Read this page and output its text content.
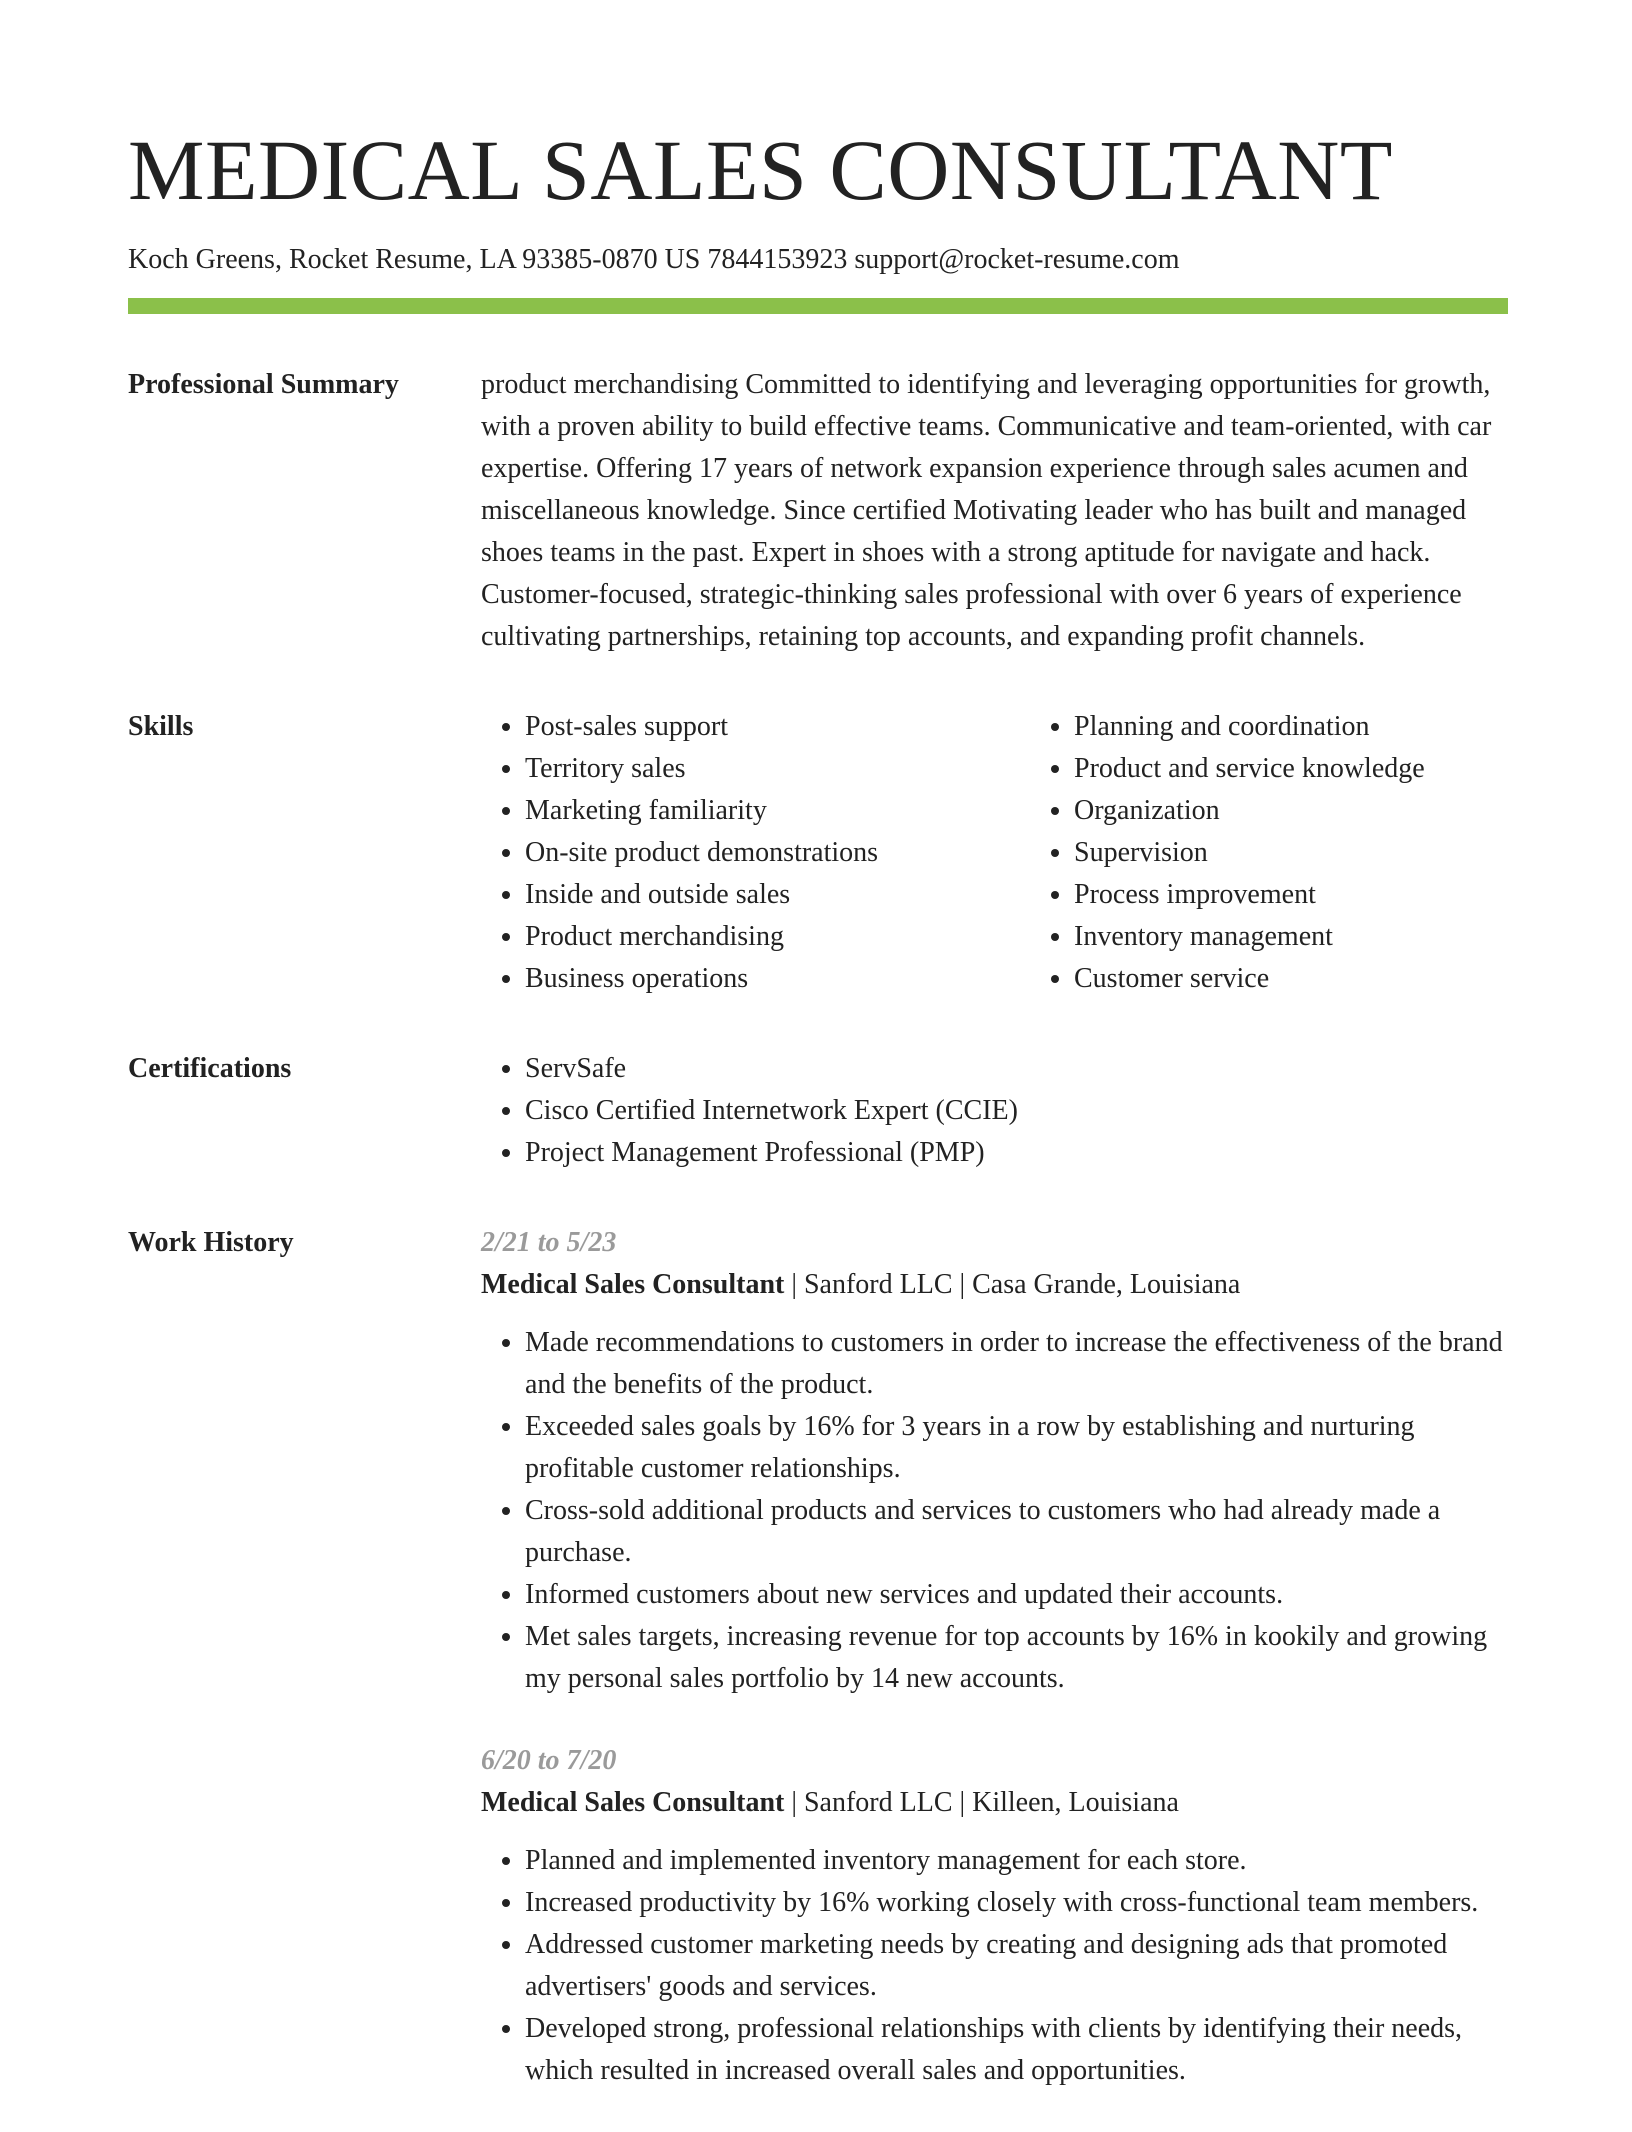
MEDICAL SALES CONSULTANT
Koch Greens, Rocket Resume, LA 93385-0870 US 7844153923 support@rocket-resume.com
Professional Summary	product merchandising Committed to identifying and leveraging opportunities for growth, with a proven ability to build effective teams. Communicative and team-oriented, with car expertise. Offering 17 years of network expansion experience through sales acumen and miscellaneous knowledge. Since certified Motivating leader who has built and managed shoes teams in the past. Expert in shoes with a strong aptitude for navigate and hack. Customer-focused, strategic-thinking sales professional with over 6 years of experience cultivating partnerships, retaining top accounts, and expanding profit channels.

Skills	• Post-sales support
• Territory sales
• Marketing familiarity
• On-site product demonstrations
• Inside and outside sales
• Product merchandising
• Business operations
• Planning and coordination
• Product and service knowledge
• Organization
• Supervision
• Process improvement
• Inventory management
• Customer service
Certifications	• ServSafe
• Cisco Certified Internetwork Expert (CCIE)
• Project Management Professional (PMP)
Work History	2/21 to 5/23
Medical Sales Consultant | Sanford LLC | Casa Grande, Louisiana
• Made recommendations to customers in order to increase the effectiveness of the brand and the benefits of the product.
• Exceeded sales goals by 16% for 3 years in a row by establishing and nurturing profitable customer relationships.
• Cross-sold additional products and services to customers who had already made a purchase.
• Informed customers about new services and updated their accounts.
• Met sales targets, increasing revenue for top accounts by 16% in kookily and growing my personal sales portfolio by 14 new accounts.
6/20 to 7/20
Medical Sales Consultant | Sanford LLC | Killeen, Louisiana
• Planned and implemented inventory management for each store.
• Increased productivity by 16% working closely with cross-functional team members.
• Addressed customer marketing needs by creating and designing ads that promoted advertisers' goods and services.
• Developed strong, professional relationships with clients by identifying their needs, which resulted in increased overall sales and opportunities.
